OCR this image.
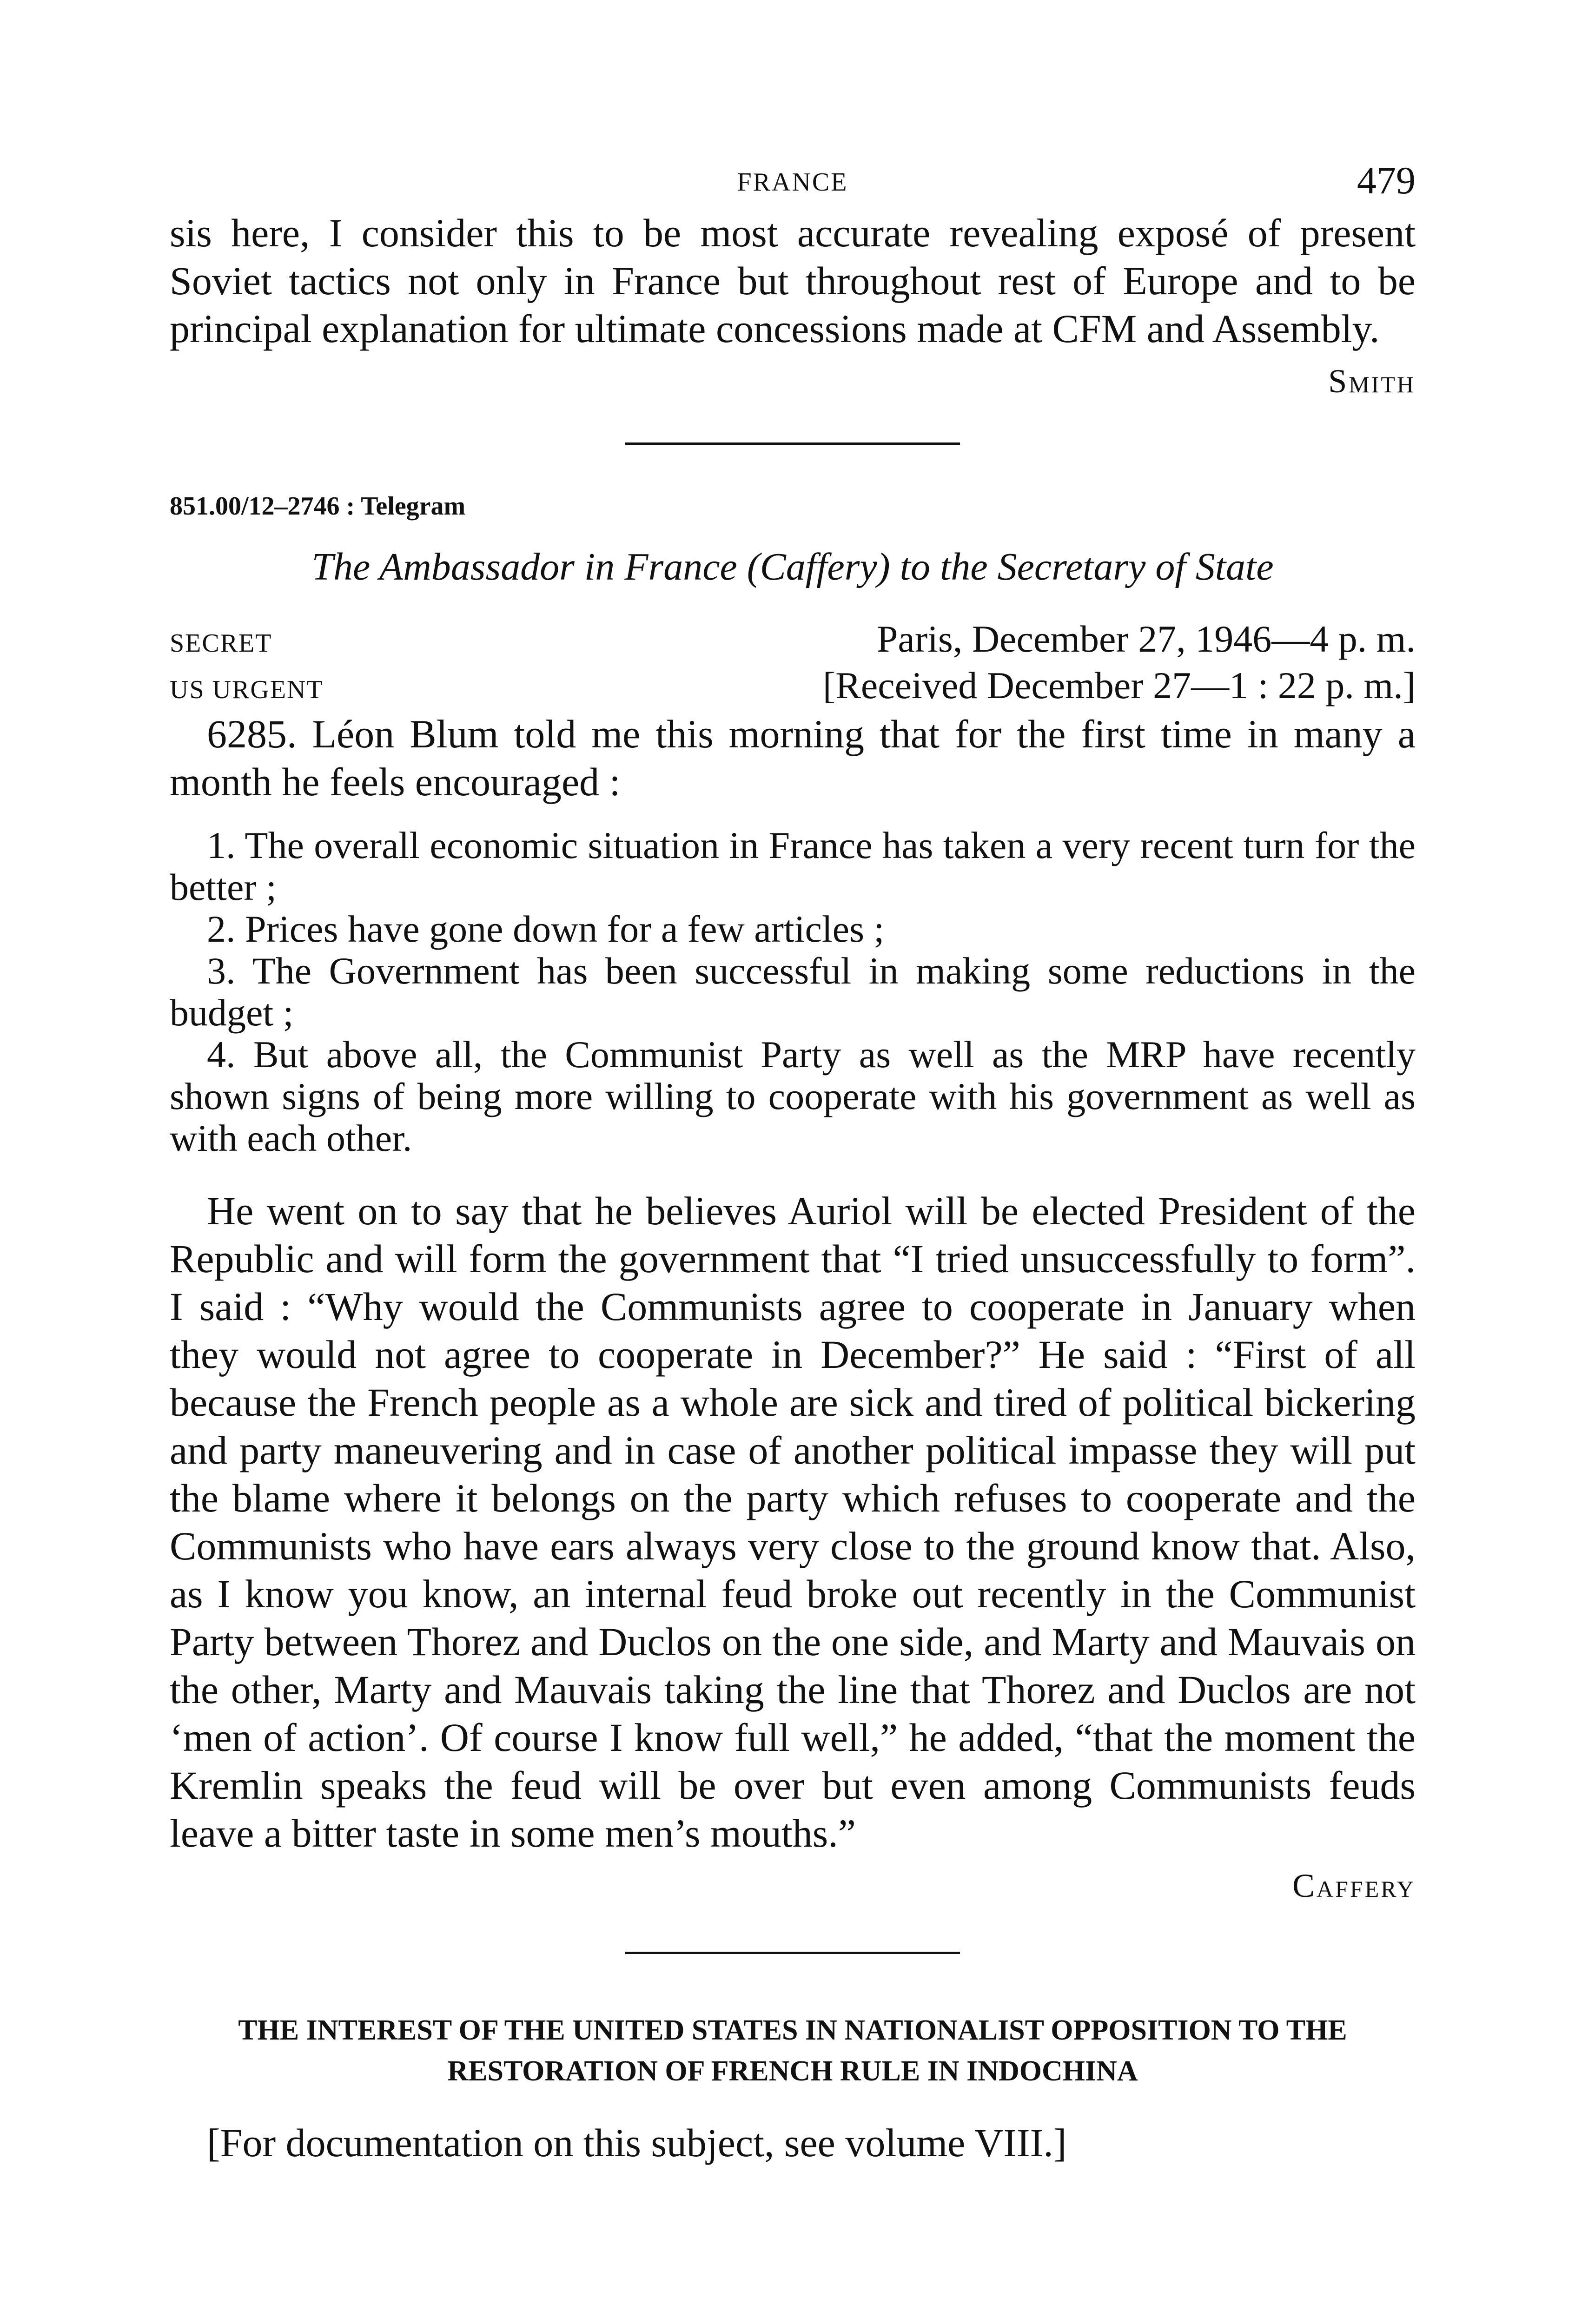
FRANCE	479

sis here, I consider this to be most accurate revealing exposé of present Soviet tactics not only in France but throughout rest of Europe and to be principal explanation for ultimate concessions made at CFM and Assembly.

Smith
851.00/12–2746 : Telegram
The Ambassador in France (Caffery) to the Secretary of State
SECRET	Paris, December 27, 1946—4 p. m.
US URGENT	[Received December 27—1 : 22 p. m.]

6285. Léon Blum told me this morning that for the first time in many a month he feels encouraged :

1. The overall economic situation in France has taken a very recent turn for the better ;

2. Prices have gone down for a few articles ;

3. The Government has been successful in making some reductions in the budget ;

4. But above all, the Communist Party as well as the MRP have recently shown signs of being more willing to cooperate with his government as well as with each other.

He went on to say that he believes Auriol will be elected President of the Republic and will form the government that “I tried unsuccessfully to form”. I said : “Why would the Communists agree to cooperate in January when they would not agree to cooperate in December?” He said : “First of all because the French people as a whole are sick and tired of political bickering and party maneuvering and in case of another political impasse they will put the blame where it belongs on the party which refuses to cooperate and the Communists who have ears always very close to the ground know that. Also, as I know you know, an internal feud broke out recently in the Communist Party between Thorez and Duclos on the one side, and Marty and Mauvais on the other, Marty and Mauvais taking the line that Thorez and Duclos are not ‘men of action’. Of course I know full well,” he added, “that the moment the Kremlin speaks the feud will be over but even among Communists feuds leave a bitter taste in some men’s mouths.”

Caffery
THE INTEREST OF THE UNITED STATES IN NATIONALIST OPPOSITION TO THE RESTORATION OF FRENCH RULE IN INDOCHINA
[For documentation on this subject, see volume VIII.]
